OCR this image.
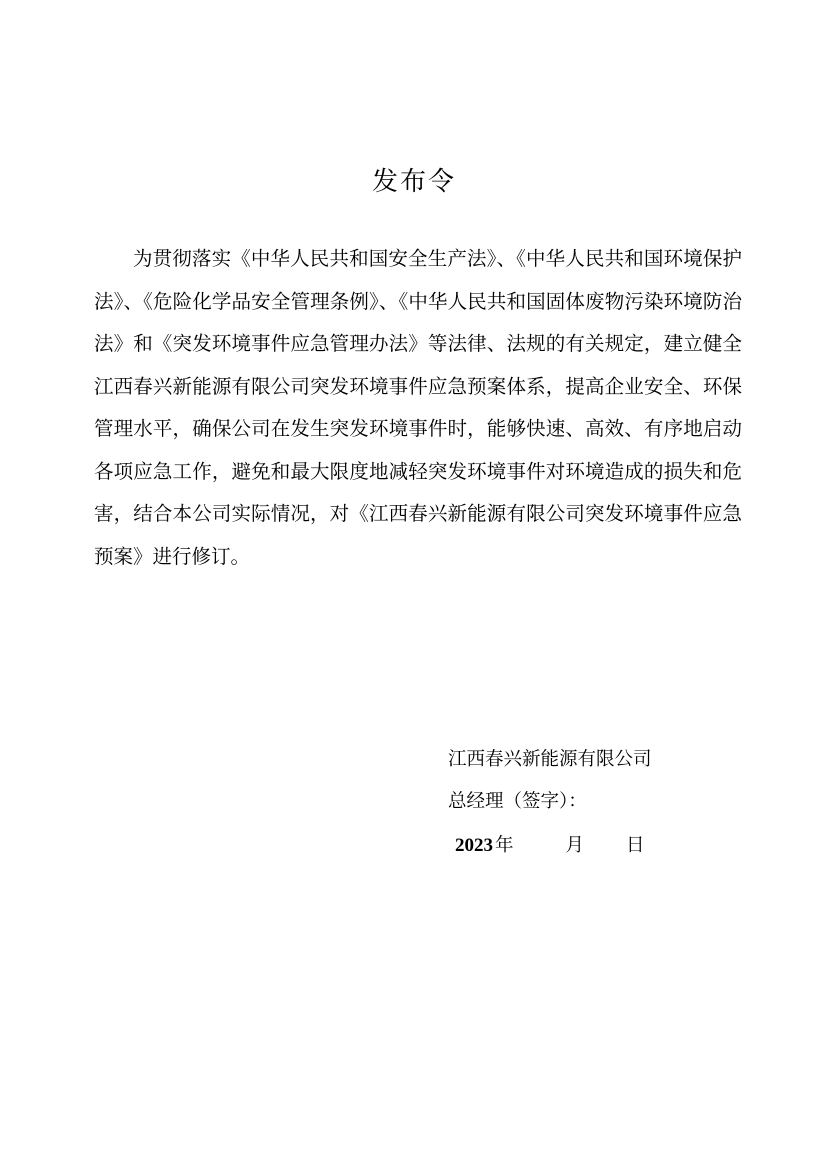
发布令

为贯彻落实《中华人民共和国安全生产法》、《中华人民共和国环境保护法》、《危险化学品安全管理条例》、《中华人民共和国固体废物污染环境防治法》和《突发环境事件应急管理办法》等法律、法规的有关规定，建立健全江西春兴新能源有限公司突发环境事件应急预案体系，提高企业安全、环保管理水平，确保公司在发生突发环境事件时，能够快速、高效、有序地启动各项应急工作，避免和最大限度地减轻突发环境事件对环境造成的损失和危害，结合本公司实际情况，对《江西春兴新能源有限公司突发环境事件应急预案》进行修订。

江西春兴新能源有限公司
总经理（签字）：
2023 年	月 日
